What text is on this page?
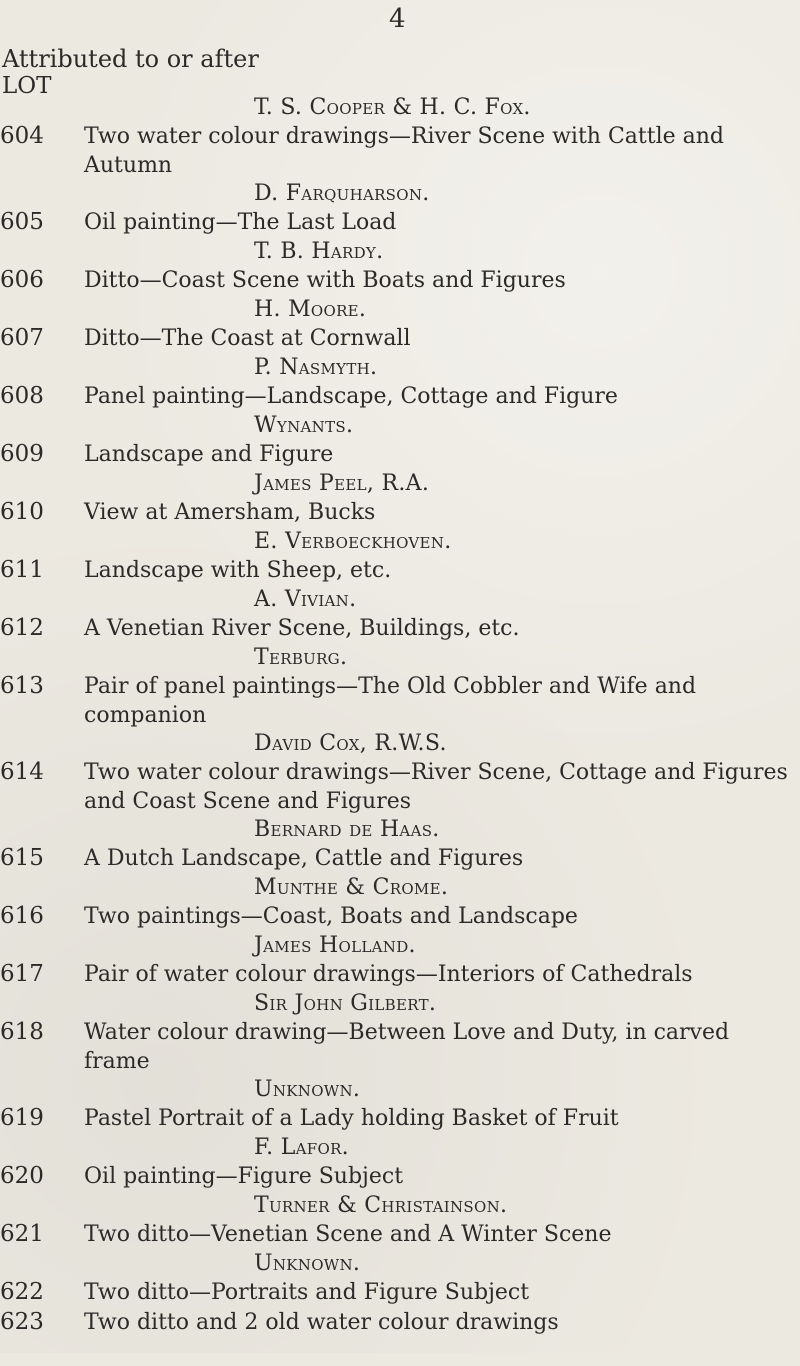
4
Attributed to or after
LOT
T. S. Cooper & H. C. Fox.
604	Two water colour drawings—River Scene with Cattle and Autumn
D. Farquharson.
605	Oil painting—The Last Load
T. B. Hardy.
606	Ditto—Coast Scene with Boats and Figures
H. Moore.
607	Ditto—The Coast at Cornwall
P. Nasmyth.
608	Panel painting—Landscape, Cottage and Figure
Wynants.
609	Landscape and Figure
James Peel, R.A.
610	View at Amersham, Bucks
E. Verboeckhoven.
611	Landscape with Sheep, etc.
A. Vivian.
612	A Venetian River Scene, Buildings, etc.
Terburg.
613	Pair of panel paintings—The Old Cobbler and Wife and companion
David Cox, R.W.S.
614	Two water colour drawings—River Scene, Cottage and Figures and Coast Scene and Figures
Bernard de Haas.
615	A Dutch Landscape, Cattle and Figures
Munthe & Crome.
616	Two paintings—Coast, Boats and Landscape
James Holland.
617	Pair of water colour drawings—Interiors of Cathedrals
Sir John Gilbert.
618	Water colour drawing—Between Love and Duty, in carved frame
Unknown.
619	Pastel Portrait of a Lady holding Basket of Fruit
F. Lafor.
620	Oil painting—Figure Subject
Turner & Christainson.
621	Two ditto—Venetian Scene and A Winter Scene
Unknown.
622	Two ditto—Portraits and Figure Subject
623	Two ditto and 2 old water colour drawings
